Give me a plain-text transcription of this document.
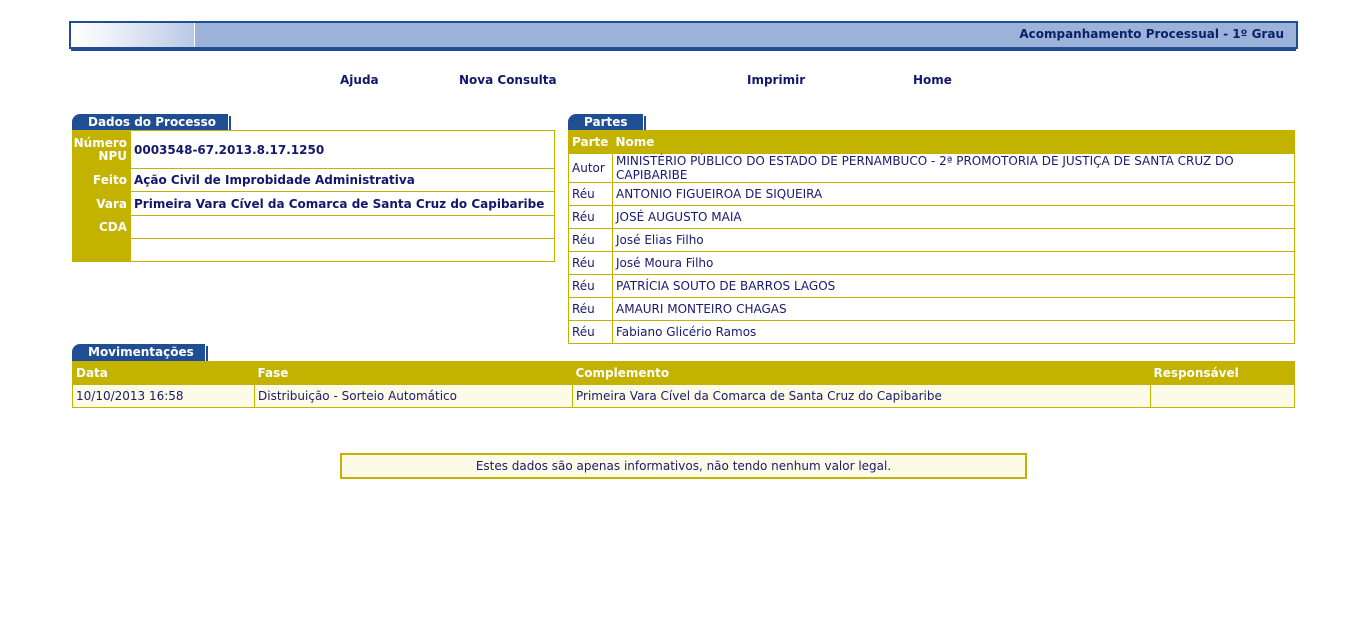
Acompanhamento Processual - 1º Grau
Ajuda	Nova Consulta	Imprimir	Home
Dados do Processo
Número NPU	0003548-67.2013.8.17.1250
Feito	Ação Civil de Improbidade Administrativa
Vara	Primeira Vara Cível da Comarca de Santa Cruz do Capibaribe
CDA	

Partes
Parte	Nome
Autor	MINISTÉRIO PÚBLICO DO ESTADO DE PERNAMBUCO - 2ª PROMOTORIA DE JUSTIÇA DE SANTA CRUZ DO CAPIBARIBE
Réu	ANTONIO FIGUEIROA DE SIQUEIRA
Réu	JOSÉ AUGUSTO MAIA
Réu	José Elias Filho
Réu	José Moura Filho
Réu	PATRÍCIA SOUTO DE BARROS LAGOS
Réu	AMAURI MONTEIRO CHAGAS
Réu	Fabiano Glicério Ramos
Movimentações
Data	Fase	Complemento	Responsável
10/10/2013 16:58	Distribuição - Sorteio Automático	Primeira Vara Cível da Comarca de Santa Cruz do Capibaribe	
Estes dados são apenas informativos, não tendo nenhum valor legal.
